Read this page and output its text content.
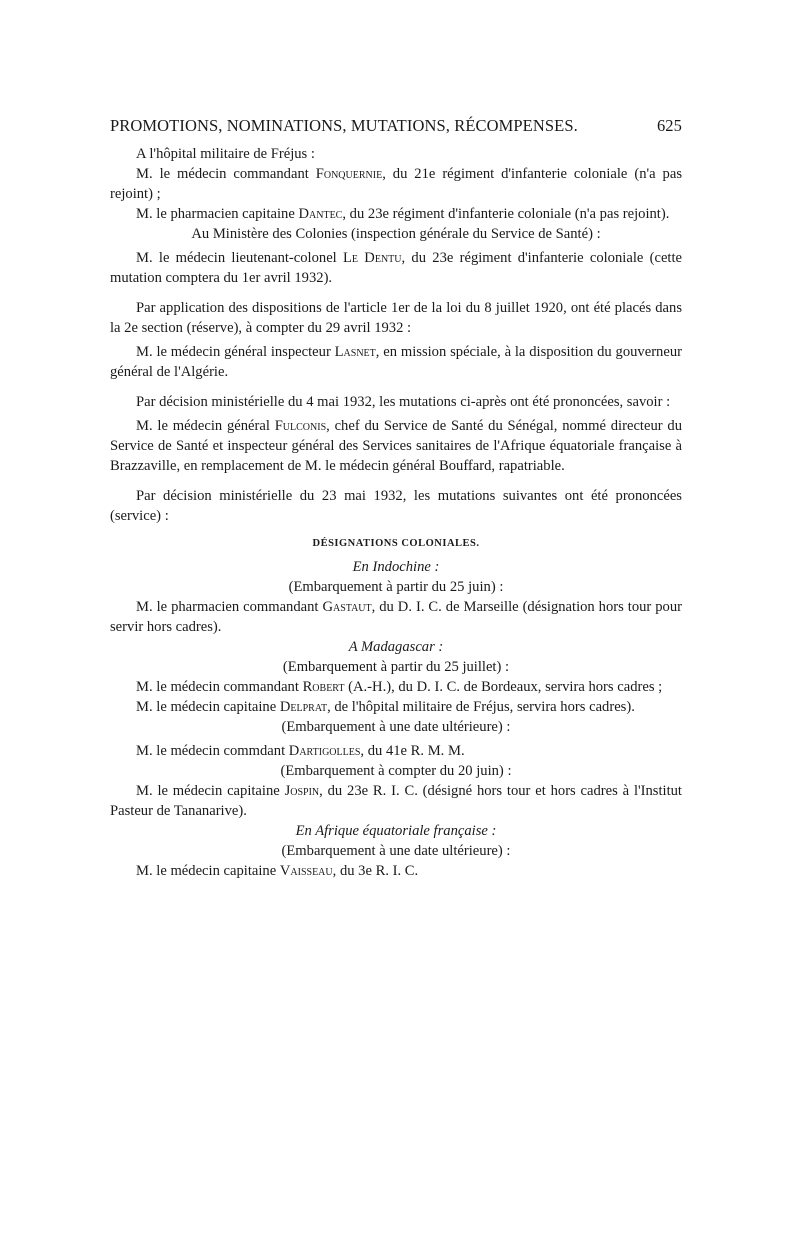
PROMOTIONS, NOMINATIONS, MUTATIONS, RÉCOMPENSES.	625

A l'hôpital militaire de Fréjus :

M. le médecin commandant Fonquernie, du 21e régiment d'infanterie coloniale (n'a pas rejoint) ;

M. le pharmacien capitaine Dantec, du 23e régiment d'infanterie coloniale (n'a pas rejoint).

Au Ministère des Colonies (inspection générale du Service de Santé) :

M. le médecin lieutenant-colonel Le Dentu, du 23e régiment d'infanterie coloniale (cette mutation comptera du 1er avril 1932).

Par application des dispositions de l'article 1er de la loi du 8 juillet 1920, ont été placés dans la 2e section (réserve), à compter du 29 avril 1932 :

M. le médecin général inspecteur Lasnet, en mission spéciale, à la disposition du gouverneur général de l'Algérie.

Par décision ministérielle du 4 mai 1932, les mutations ci-après ont été prononcées, savoir :

M. le médecin général Fulconis, chef du Service de Santé du Sénégal, nommé directeur du Service de Santé et inspecteur général des Services sanitaires de l'Afrique équatoriale française à Brazzaville, en remplacement de M. le médecin général Bouffard, rapatriable.

Par décision ministérielle du 23 mai 1932, les mutations suivantes ont été prononcées (service) :

DÉSIGNATIONS COLONIALES.

En Indochine :

(Embarquement à partir du 25 juin) :

M. le pharmacien commandant Gastaut, du D. I. C. de Marseille (désignation hors tour pour servir hors cadres).

A Madagascar :

(Embarquement à partir du 25 juillet) :

M. le médecin commandant Robert (A.-H.), du D. I. C. de Bordeaux, servira hors cadres ;

M. le médecin capitaine Delprat, de l'hôpital militaire de Fréjus, servira hors cadres).

(Embarquement à une date ultérieure) :

M. le médecin commdant Dartigolles, du 41e R. M. M.

(Embarquement à compter du 20 juin) :

M. le médecin capitaine Jospin, du 23e R. I. C. (désigné hors tour et hors cadres à l'Institut Pasteur de Tananarive).

En Afrique équatoriale française :

(Embarquement à une date ultérieure) :

M. le médecin capitaine Vaisseau, du 3e R. I. C.
